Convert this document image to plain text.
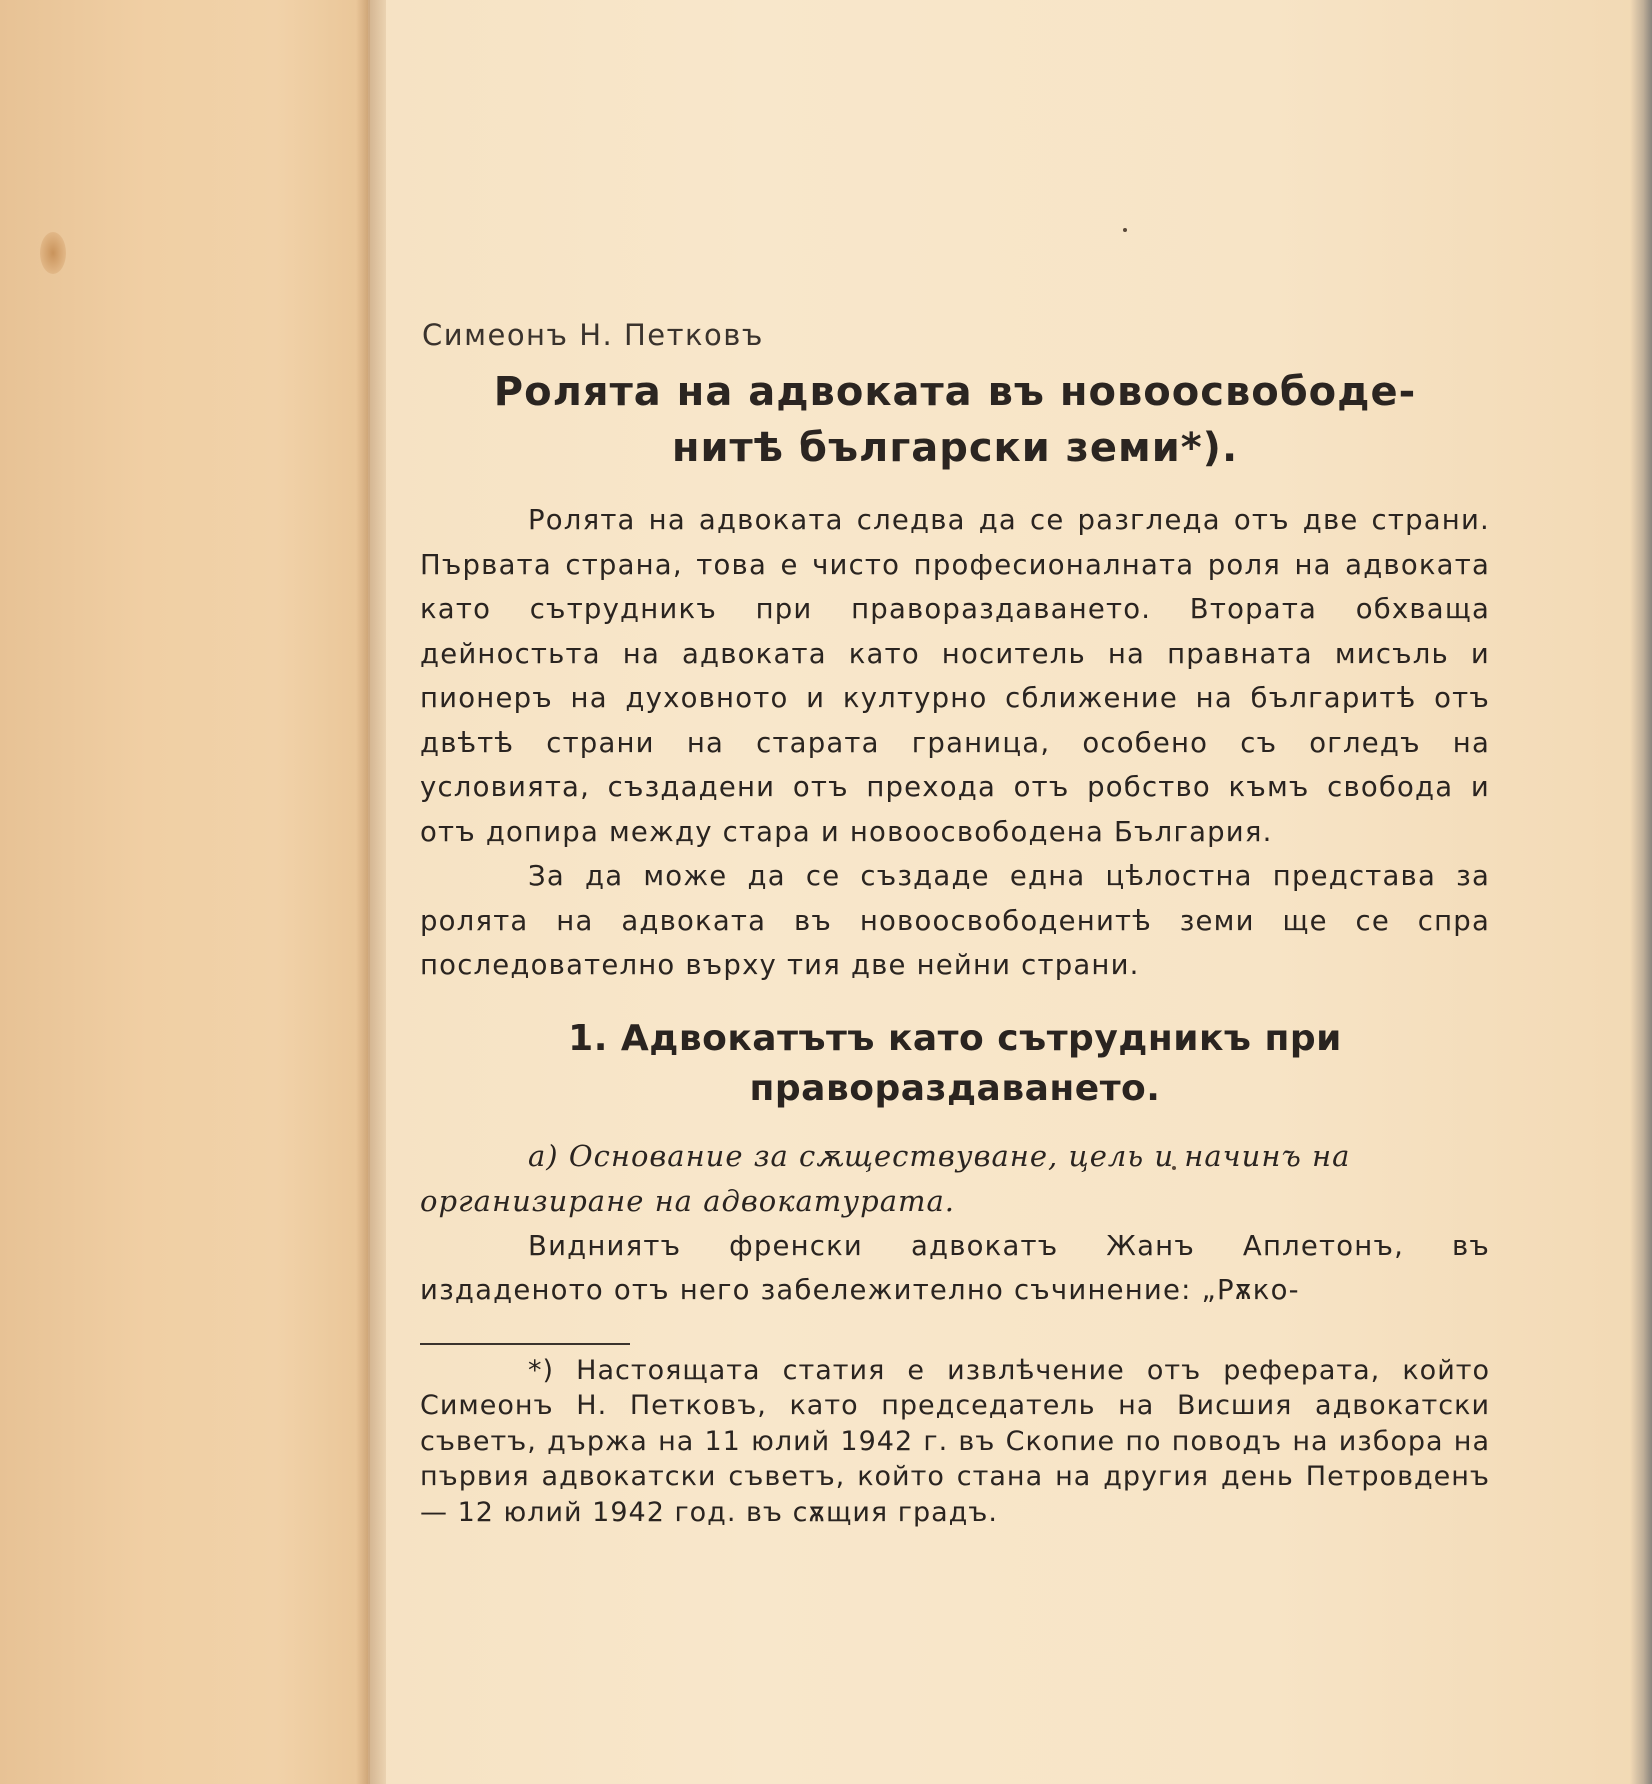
Симеонъ Н. Петковъ
Ролята на адвоката въ новоосвободе-
нитѣ български земи*).

Ролята на адвоката следва да се разгледа отъ две страни. Първата страна, това е чисто професионалната роля на адвоката като сътрудникъ при правораздаването. Втората обхваща дейностьта на адвоката като носитель на правната мисъль и пионеръ на духовното и културно сближение на българитѣ отъ двѣтѣ страни на старата граница, особено съ огледъ на условията, създадени отъ прехода отъ робство къмъ свобода и отъ допира между стара и новоосвободена България.

За да може да се създаде една цѣлостна представа за ролята на адвоката въ новоосвободенитѣ земи ще се спра последователно върху тия две нейни страни.

1. Адвокатътъ като сътрудникъ при
правораздаването.

а) Основание за сѫществуване, цель и начинъ на организиране на адвокатурата.

Видниятъ френски адвокатъ Жанъ Аплетонъ, въ издаденото отъ него забележително съчинение: „Рѫко-

*) Настоящата статия е извлѣчение отъ реферата, който Симеонъ Н. Петковъ, като председатель на Висшия адвокатски съветъ, държа на 11 юлий 1942 г. въ Скопие по поводъ на избора на първия адвокатски съветъ, който стана на другия день Петровденъ — 12 юлий 1942 год. въ сѫщия градъ.
